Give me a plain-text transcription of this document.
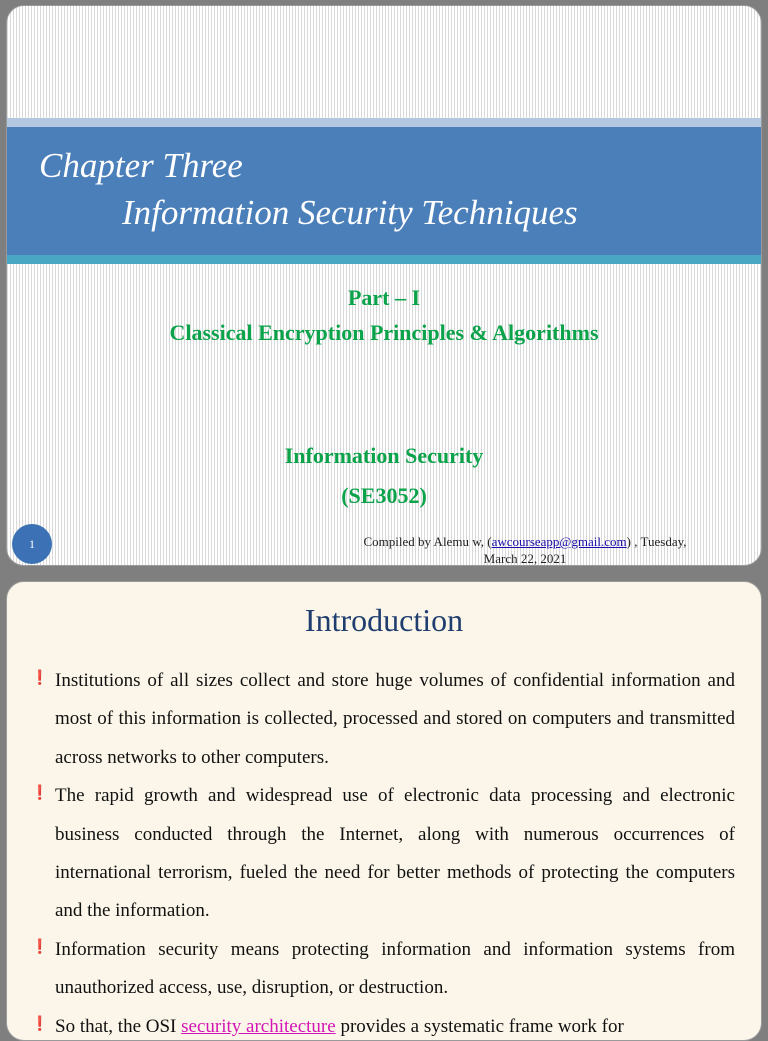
Chapter Three
Information Security Techniques
Part – I
Classical Encryption Principles & Algorithms
Information Security
(SE3052)
1	Compiled by Alemu w, (awcourseapp@gmail.com) , Tuesday,
March 22, 2021
Introduction
❗ Institutions of all sizes collect and store huge volumes of confidential information and most of this information is collected, processed and stored on computers and transmitted across networks to other computers.
❗ The rapid growth and widespread use of electronic data processing and electronic business conducted through the Internet, along with numerous occurrences of international terrorism, fueled the need for better methods of protecting the computers and the information.
❗ Information security means protecting information and information systems from unauthorized access, use, disruption, or destruction.
❗ So that, the OSI security architecture provides a systematic frame work for
